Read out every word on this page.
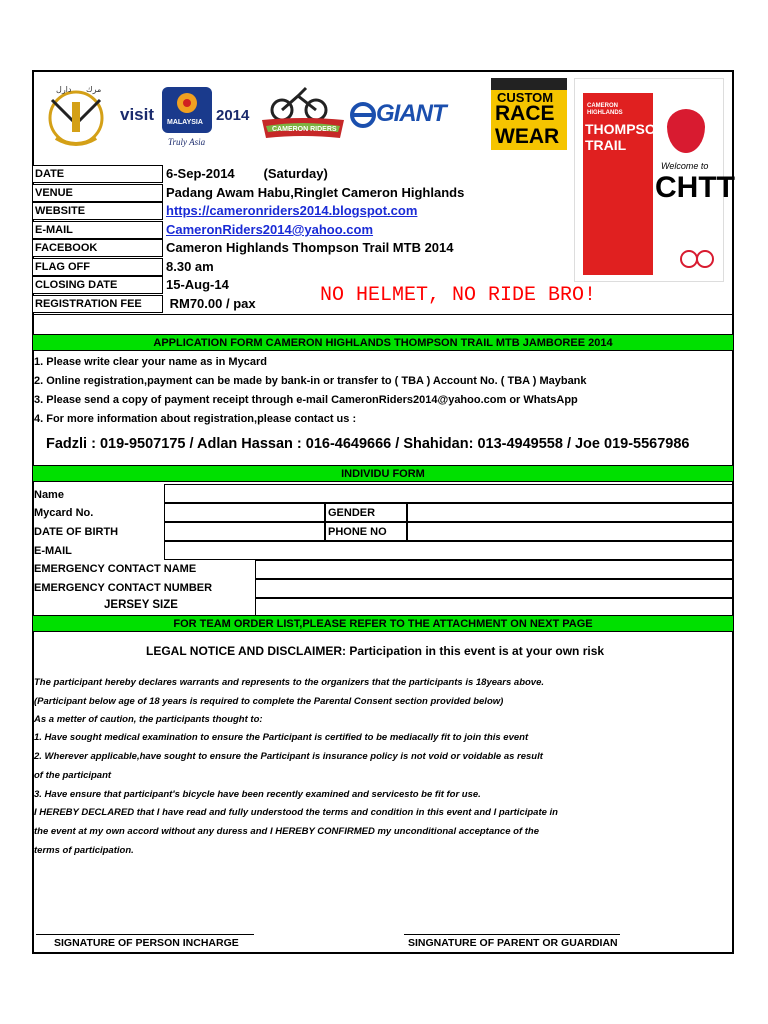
ﺩﺍﺭﻝ ﻣﺮﻙ
visit MALAYSIA 2014
Truly Asia
CAMERON RIDERS
GIANT
CUSTOM
RACE
WEAR
CAMERON
HIGHLANDS
THOMPSON
TRAIL
Welcome to
CHTT
DATE	6-Sep-2014        (Saturday)
VENUE	Padang Awam Habu,Ringlet Cameron Highlands
WEBSITE	https://cameronriders2014.blogspot.com
E-MAIL	CameronRiders2014@yahoo.com
FACEBOOK	Cameron Highlands Thompson Trail MTB 2014
FLAG OFF	8.30 am
CLOSING DATE	15-Aug-14
REGISTRATION FEE	RM70.00 / pax	NO HELMET, NO RIDE BRO!
APPLICATION FORM CAMERON HIGHLANDS THOMPSON TRAIL MTB JAMBOREE 2014
1. Please write clear your name as in Mycard
2. Online registration,payment can be made by bank-in or transfer to ( TBA ) Account No. ( TBA ) Maybank
3. Please send a copy of payment receipt through e-mail CameronRiders2014@yahoo.com or WhatsApp
4. For more information about registration,please contact us :
Fadzli : 019-9507175 / Adlan Hassan : 016-4649666 / Shahidan: 013-4949558 / Joe 019-5567986
INDIVIDU FORM
Name
Mycard No.	GENDER
DATE OF BIRTH	PHONE NO
E-MAIL
EMERGENCY CONTACT NAME
EMERGENCY CONTACT NUMBER
JERSEY SIZE
FOR TEAM ORDER LIST,PLEASE REFER TO THE ATTACHMENT ON NEXT PAGE
LEGAL NOTICE AND DISCLAIMER: Participation in this event is at your own risk
The participant hereby declares warrants and represents to the organizers that the participants is 18years above.
(Participant below age of 18 years is required to complete the Parental Consent section provided below)
As a metter of caution, the participants thought to:
1. Have sought medical examination to ensure the Participant is certified to be mediacally fit to join this event
2. Wherever applicable,have sought to ensure the Participant is insurance policy is not void or voidable as result
of the participant
3. Have ensure that participant's bicycle have been recently examined and servicesto be fit for use.
I HEREBY DECLARED that I have read and fully understood the terms and condition in this event and I participate in
the event at my own accord without any duress and I HEREBY CONFIRMED my unconditional acceptance of the
terms of participation.
SIGNATURE OF PERSON INCHARGE	SINGNATURE OF PARENT OR GUARDIAN
